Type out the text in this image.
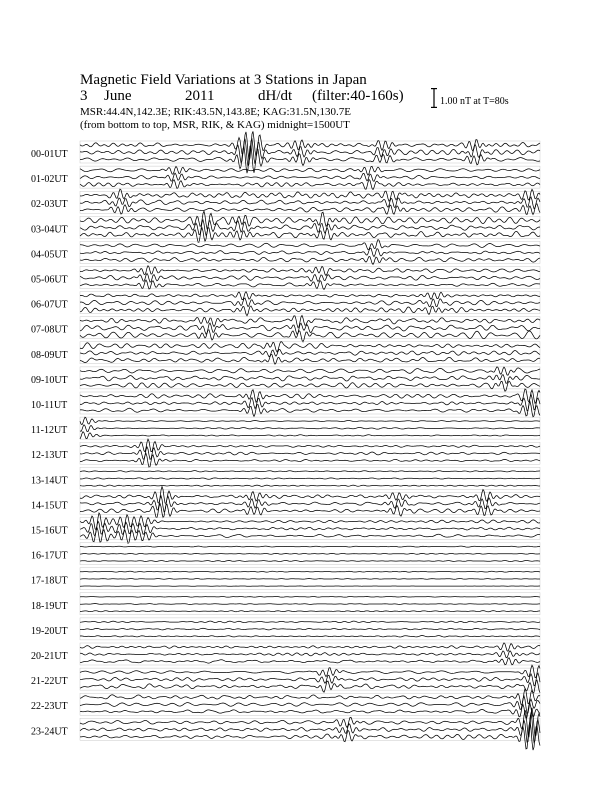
Magnetic Field Variations at 3 Stations in Japan
3 June	2011	dH/dt (filter:40-160s)
MSR:44.4N,142.3E; RIK:43.5N,143.8E; KAG:31.5N,130.7E
(from bottom to top, MSR, RIK, & KAG) midnight=1500UT
1.00 nT at T=80s
00-01UT
01-02UT
02-03UT
03-04UT
04-05UT
05-06UT
06-07UT
07-08UT
08-09UT
09-10UT
10-11UT
11-12UT
12-13UT
13-14UT
14-15UT
15-16UT
16-17UT
17-18UT
18-19UT
19-20UT
20-21UT
21-22UT
22-23UT
23-24UT
